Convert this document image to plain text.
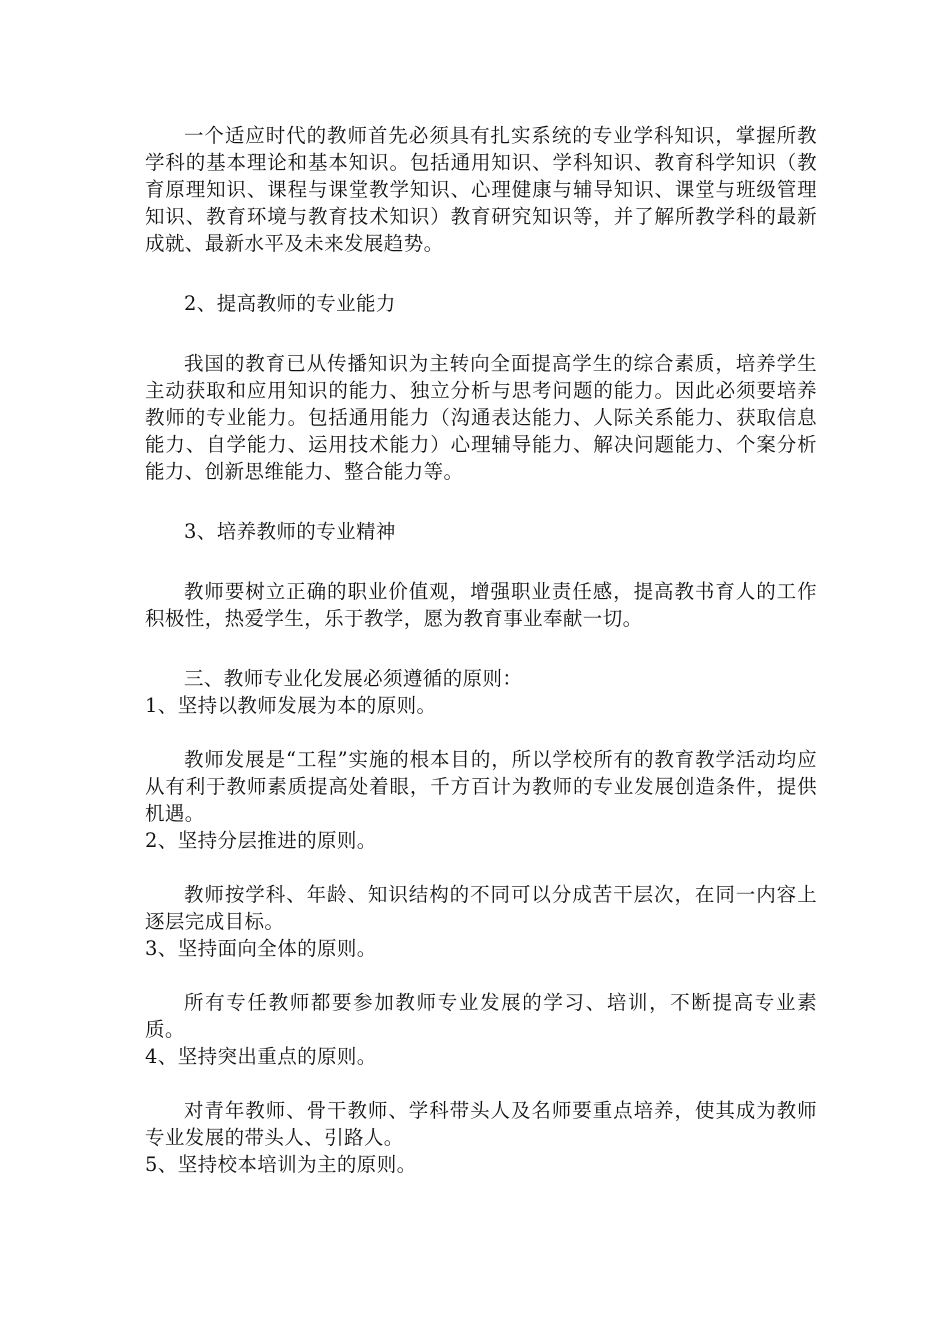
一个适应时代的教师首先必须具有扎实系统的专业学科知识，掌握所教学科的基本理论和基本知识。包括通用知识、学科知识、教育科学知识（教育原理知识、课程与课堂教学知识、心理健康与辅导知识、课堂与班级管理知识、教育环境与教育技术知识）教育研究知识等，并了解所教学科的最新成就、最新水平及未来发展趋势。

2、提高教师的专业能力

我国的教育已从传播知识为主转向全面提高学生的综合素质，培养学生主动获取和应用知识的能力、独立分析与思考问题的能力。因此必须要培养教师的专业能力。包括通用能力（沟通表达能力、人际关系能力、获取信息能力、自学能力、运用技术能力）心理辅导能力、解决问题能力、个案分析能力、创新思维能力、整合能力等。

3、培养教师的专业精神

教师要树立正确的职业价值观，增强职业责任感，提高教书育人的工作积极性，热爱学生，乐于教学，愿为教育事业奉献一切。

三、教师专业化发展必须遵循的原则：

1、坚持以教师发展为本的原则。

教师发展是“工程”实施的根本目的，所以学校所有的教育教学活动均应从有利于教师素质提高处着眼，千方百计为教师的专业发展创造条件，提供机遇。

2、坚持分层推进的原则。

教师按学科、年龄、知识结构的不同可以分成苦干层次，在同一内容上逐层完成目标。

3、坚持面向全体的原则。

所有专任教师都要参加教师专业发展的学习、培训，不断提高专业素质。

4、坚持突出重点的原则。

对青年教师、骨干教师、学科带头人及名师要重点培养，使其成为教师专业发展的带头人、引路人。

5、坚持校本培训为主的原则。
